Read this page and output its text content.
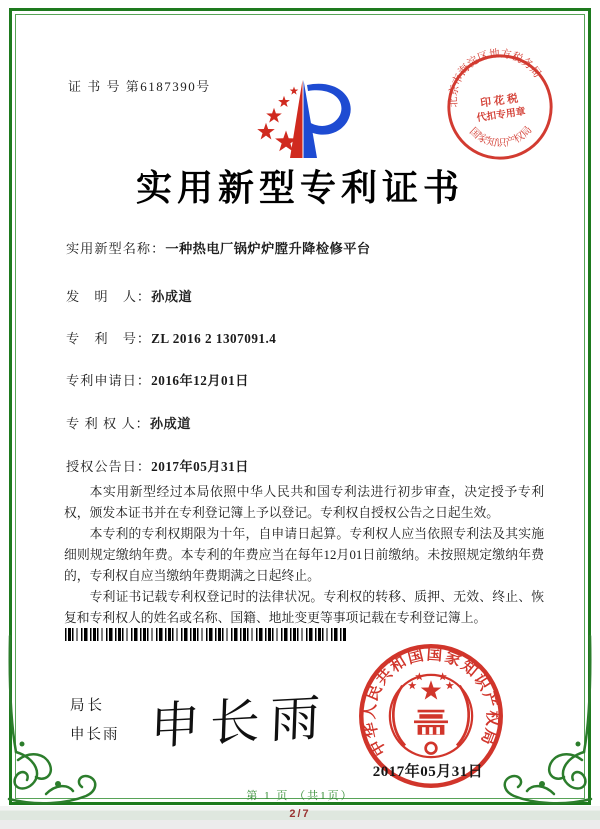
证 书 号 第6187390号
北京市海淀区地方税务局
国家知识产权局
印 花 税
代扣专用章
实用新型专利证书
实用新型名称：一种热电厂锅炉炉膛升降检修平台
发　明　人：孙成道
专　利　号：ZL 2016 2 1307091.4
专利申请日：2016年12月01日
专 利 权 人：孙成道
授权公告日：2017年05月31日

本实用新型经过本局依照中华人民共和国专利法进行初步审查，决定授予专利权，颁发本证书并在专利登记簿上予以登记。专利权自授权公告之日起生效。

本专利的专利权期限为十年，自申请日起算。专利权人应当依照专利法及其实施细则规定缴纳年费。本专利的年费应当在每年12月01日前缴纳。未按照规定缴纳年费的，专利权自应当缴纳年费期满之日起终止。

专利证书记载专利权登记时的法律状况。专利权的转移、质押、无效、终止、恢复和专利权人的姓名或名称、国籍、地址变更等事项记载在专利登记簿上。

局长
申长雨 申长雨	中华人民共和国国家知识产权局
2017年05月31日
第 1 页 （共1页）
2/7
